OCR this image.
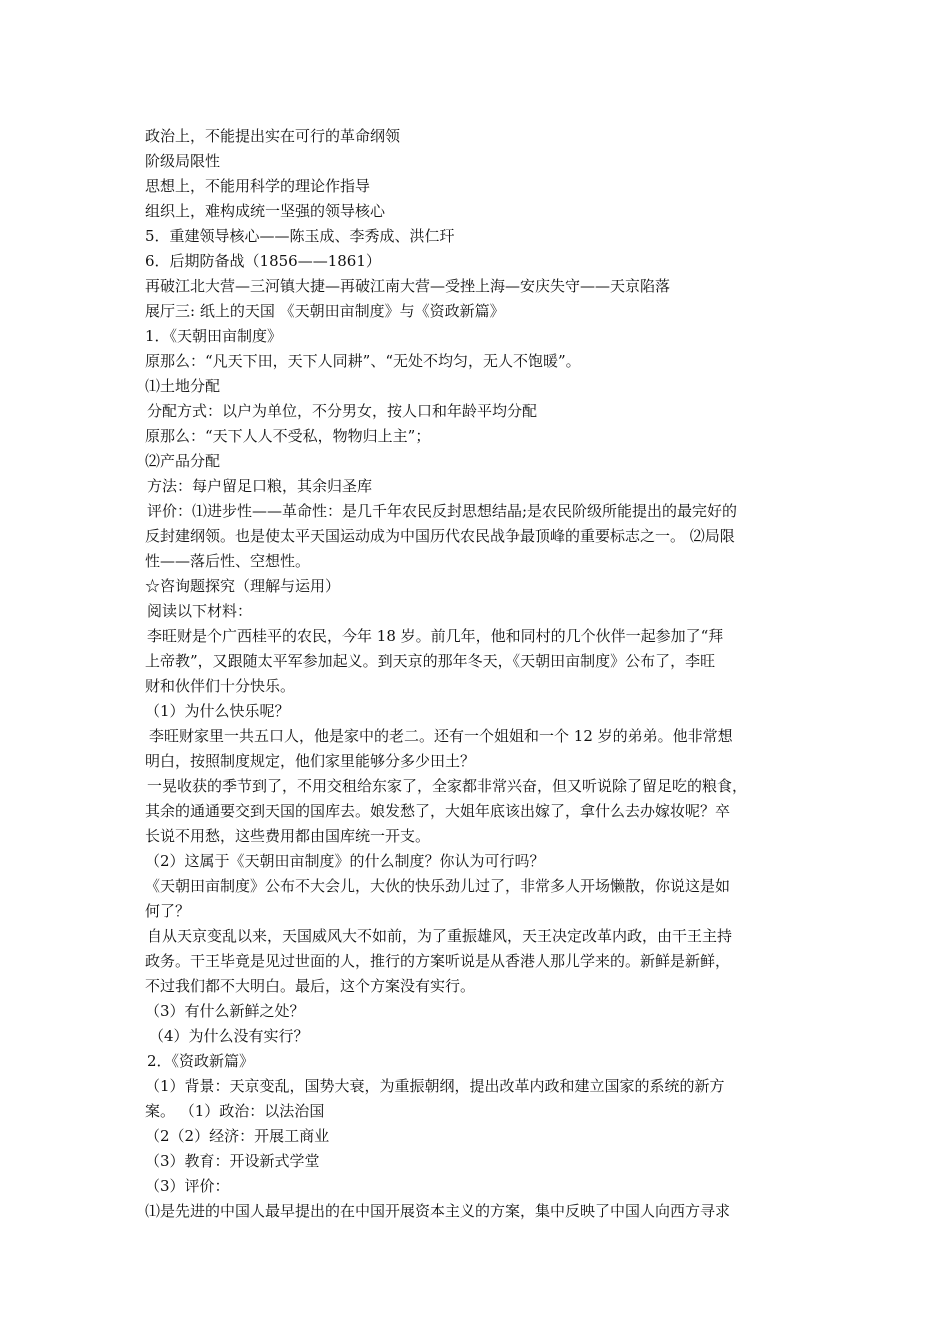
政治上，不能提出实在可行的革命纲领
阶级局限性
思想上，不能用科学的理论作指导
组织上，难构成统一坚强的领导核心
5．重建领导核心——陈玉成、李秀成、洪仁玕
6．后期防备战（1856——1861）
再破江北大营—三河镇大捷—再破江南大营—受挫上海—安庆失守——天京陷落
展厅三: 纸上的天国 《天朝田亩制度》与《资政新篇》
1．《天朝田亩制度》
原那么：“凡天下田，天下人同耕”、“无处不均匀，无人不饱暖”。
⑴土地分配
分配方式：以户为单位，不分男女，按人口和年龄平均分配
原那么：“天下人人不受私，物物归上主”；
⑵产品分配
方法：每户留足口粮，其余归圣库
评价：⑴进步性——革命性：是几千年农民反封思想结晶;是农民阶级所能提出的最完好的
反封建纲领。也是使太平天国运动成为中国历代农民战争最顶峰的重要标志之一。 ⑵局限
性——落后性、空想性。
☆咨询题探究（理解与运用）
阅读以下材料：
李旺财是个广西桂平的农民，今年 18 岁。前几年，他和同村的几个伙伴一起参加了“拜
上帝教”，又跟随太平军参加起义。到天京的那年冬天，《天朝田亩制度》公布了，李旺
财和伙伴们十分快乐。
（1）为什么快乐呢？
李旺财家里一共五口人，他是家中的老二。还有一个姐姐和一个 12 岁的弟弟。他非常想
明白，按照制度规定，他们家里能够分多少田土？
一晃收获的季节到了，不用交租给东家了，全家都非常兴奋，但又听说除了留足吃的粮食，
其余的通通要交到天国的国库去。娘发愁了，大姐年底该出嫁了，拿什么去办嫁妆呢？卒
长说不用愁，这些费用都由国库统一开支。
（2）这属于《天朝田亩制度》的什么制度？你认为可行吗？
《天朝田亩制度》公布不大会儿，大伙的快乐劲儿过了，非常多人开场懒散，你说这是如
何了？
自从天京变乱以来，天国威风大不如前，为了重振雄风，天王决定改革内政，由干王主持
政务。干王毕竟是见过世面的人，推行的方案听说是从香港人那儿学来的。新鲜是新鲜，
不过我们都不大明白。最后，这个方案没有实行。
（3）有什么新鲜之处？
（4）为什么没有实行？
2．《资政新篇》
（1）背景：天京变乱，国势大衰，为重振朝纲，提出改革内政和建立国家的系统的新方
案。 （1）政治：以法治国
（2（2）经济：开展工商业
（3）教育：开设新式学堂
（3）评价：
⑴是先进的中国人最早提出的在中国开展资本主义的方案，集中反映了中国人向西方寻求
